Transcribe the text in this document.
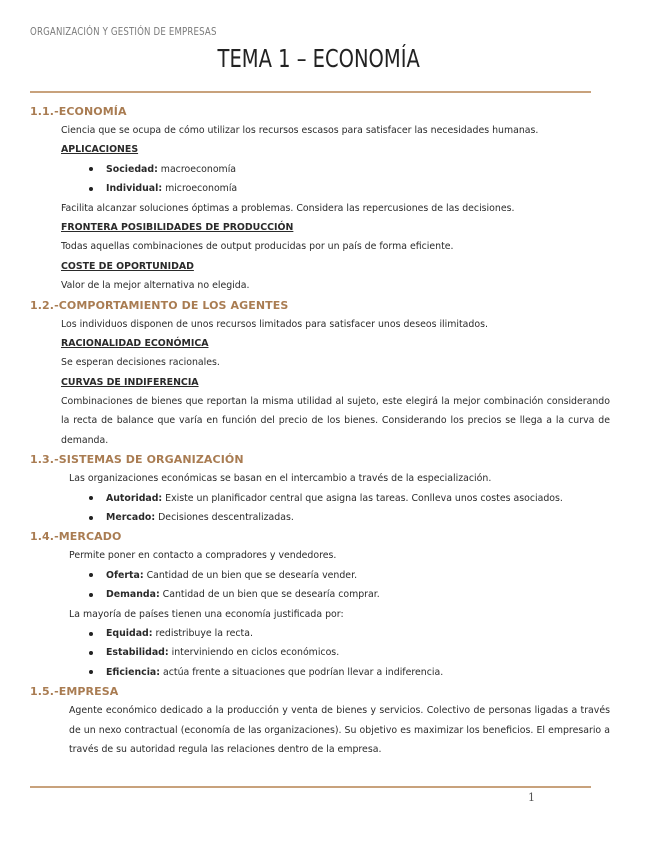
ORGANIZACIÓN Y GESTIÓN DE EMPRESAS
TEMA 1 – ECONOMÍA
1.1.-ECONOMÍA
Ciencia que se ocupa de cómo utilizar los recursos escasos para satisfacer las necesidades humanas.
APLICACIONES
Sociedad: macroeconomía
Individual: microeconomía
Facilita alcanzar soluciones óptimas a problemas. Considera las repercusiones de las decisiones.
FRONTERA POSIBILIDADES DE PRODUCCIÓN
Todas aquellas combinaciones de output producidas por un país de forma eficiente.
COSTE DE OPORTUNIDAD
Valor de la mejor alternativa no elegida.
1.2.-COMPORTAMIENTO DE LOS AGENTES
Los individuos disponen de unos recursos limitados para satisfacer unos deseos ilimitados.
RACIONALIDAD ECONÓMICA
Se esperan decisiones racionales.
CURVAS DE INDIFERENCIA
Combinaciones de bienes que reportan la misma utilidad al sujeto, este elegirá la mejor combinación considerando la recta de balance que varía en función del precio de los bienes. Considerando los precios se llega a la curva de demanda.
1.3.-SISTEMAS DE ORGANIZACIÓN
Las organizaciones económicas se basan en el intercambio a través de la especialización.
Autoridad: Existe un planificador central que asigna las tareas. Conlleva unos costes asociados.
Mercado: Decisiones descentralizadas.
1.4.-MERCADO
Permite poner en contacto a compradores y vendedores.
Oferta: Cantidad de un bien que se desearía vender.
Demanda: Cantidad de un bien que se desearía comprar.
La mayoría de países tienen una economía justificada por:
Equidad: redistribuye la recta.
Estabilidad: interviniendo en ciclos económicos.
Eficiencia: actúa frente a situaciones que podrían llevar a indiferencia.
1.5.-EMPRESA
Agente económico dedicado a la producción y venta de bienes y servicios. Colectivo de personas ligadas a través de un nexo contractual (economía de las organizaciones). Su objetivo es maximizar los beneficios. El empresario a través de su autoridad regula las relaciones dentro de la empresa.
1
